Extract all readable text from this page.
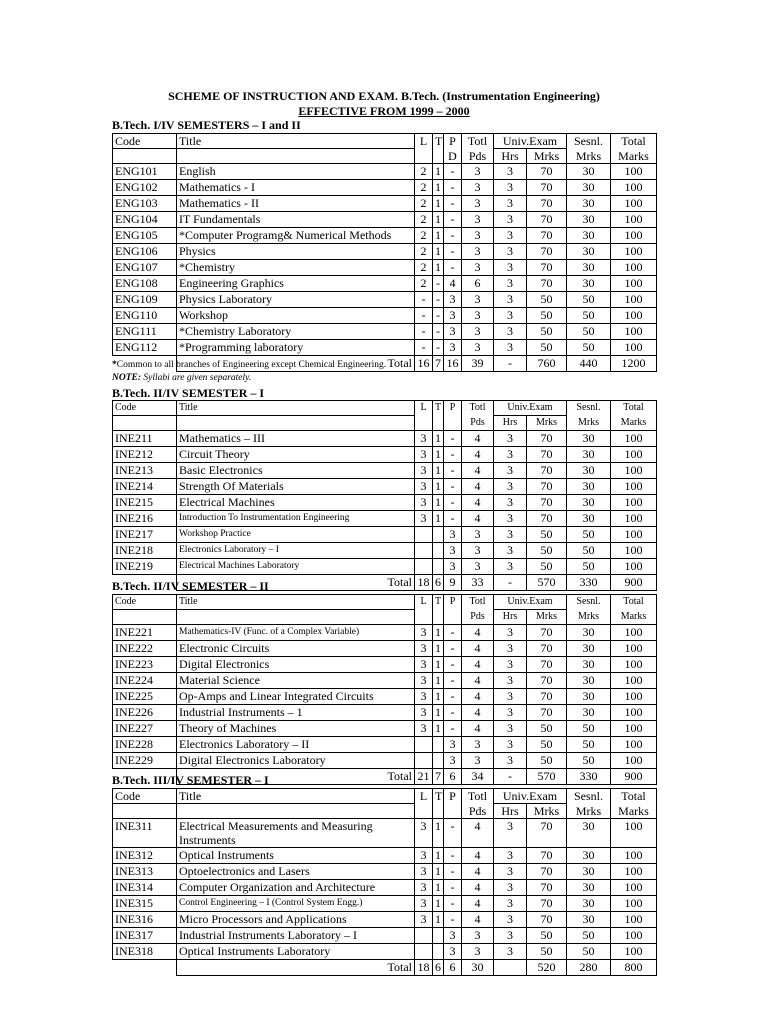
SCHEME OF INSTRUCTION AND EXAM. B.Tech. (Instrumentation Engineering)
EFFECTIVE FROM 1999 – 2000
B.Tech. I/IV SEMESTERS – I and II
Code	Title	L	T	P	Totl	Univ.Exam		Sesnl.	Total
				D	Pds	Hrs	Mrks	Mrks	Marks
ENG101	English	2	1	-	3	3	70	30	100
ENG102	Mathematics - I	2	1	-	3	3	70	30	100
ENG103	Mathematics - II	2	1	-	3	3	70	30	100
ENG104	IT Fundamentals	2	1	-	3	3	70	30	100
ENG105	*Computer Programg& Numerical Methods	2	1	-	3	3	70	30	100
ENG106	Physics	2	1	-	3	3	70	30	100
ENG107	*Chemistry	2	1	-	3	3	70	30	100
ENG108	Engineering Graphics	2	-	4	6	3	70	30	100
ENG109	Physics Laboratory	-	-	3	3	3	50	50	100
ENG110	Workshop	-	-	3	3	3	50	50	100
ENG111	*Chemistry Laboratory	-	-	3	3	3	50	50	100
ENG112	*Programming laboratory	-	-	3	3	3	50	50	100
	Total	16	7	16	39	-	760	440	1200
*Common to all branches of Engineering except Chemical Engineering.
NOTE: Syllabi are given separately.
B.Tech. II/IV SEMESTER – I
Code	Title	L	T	P	Totl	Univ.Exam		Sesnl.	Total
					Pds	Hrs	Mrks	Mrks	Marks
INE211	Mathematics – III	3	1	-	4	3	70	30	100
INE212	Circuit Theory	3	1	-	4	3	70	30	100
INE213	Basic Electronics	3	1	-	4	3	70	30	100
INE214	Strength Of Materials	3	1	-	4	3	70	30	100
INE215	Electrical Machines	3	1	-	4	3	70	30	100
INE216	Introduction To Instrumentation Engineering	3	1	-	4	3	70	30	100
INE217	Workshop Practice			3	3	3	50	50	100
INE218	Electronics Laboratory – I			3	3	3	50	50	100
INE219	Electrical Machines Laboratory			3	3	3	50	50	100
	Total	18	6	9	33	-	570	330	900
B.Tech. II/IV SEMESTER – II
Code	Title	L	T	P	Totl	Univ.Exam		Sesnl.	Total
					Pds	Hrs	Mrks	Mrks	Marks
INE221	Mathematics-IV (Func. of a Complex Variable)	3	1	-	4	3	70	30	100
INE222	Electronic Circuits	3	1	-	4	3	70	30	100
INE223	Digital Electronics	3	1	-	4	3	70	30	100
INE224	Material Science	3	1	-	4	3	70	30	100
INE225	Op-Amps and Linear Integrated Circuits	3	1	-	4	3	70	30	100
INE226	Industrial Instruments – 1	3	1	-	4	3	70	30	100
INE227	Theory of Machines	3	1	-	4	3	50	50	100
INE228	Electronics Laboratory – II			3	3	3	50	50	100
INE229	Digital Electronics Laboratory			3	3	3	50	50	100
	Total	21	7	6	34	-	570	330	900
B.Tech. III/IV SEMESTER – I
Code	Title	L	T	P	Totl	Univ.Exam		Sesnl.	Total
					Pds	Hrs	Mrks	Mrks	Marks
INE311	Electrical Measurements and Measuring
Instruments	3	1	-	4	3	70	30	100
INE312	Optical Instruments	3	1	-	4	3	70	30	100
INE313	Optoelectronics and Lasers	3	1	-	4	3	70	30	100
INE314	Computer Organization and Architecture	3	1	-	4	3	70	30	100
INE315	Control Engineering – I (Control System Engg.)	3	1	-	4	3	70	30	100
INE316	Micro Processors and Applications	3	1	-	4	3	70	30	100
INE317	Industrial Instruments Laboratory – I			3	3	3	50	50	100
INE318	Optical Instruments Laboratory			3	3	3	50	50	100
	Total	18	6	6	30		520	280	800
